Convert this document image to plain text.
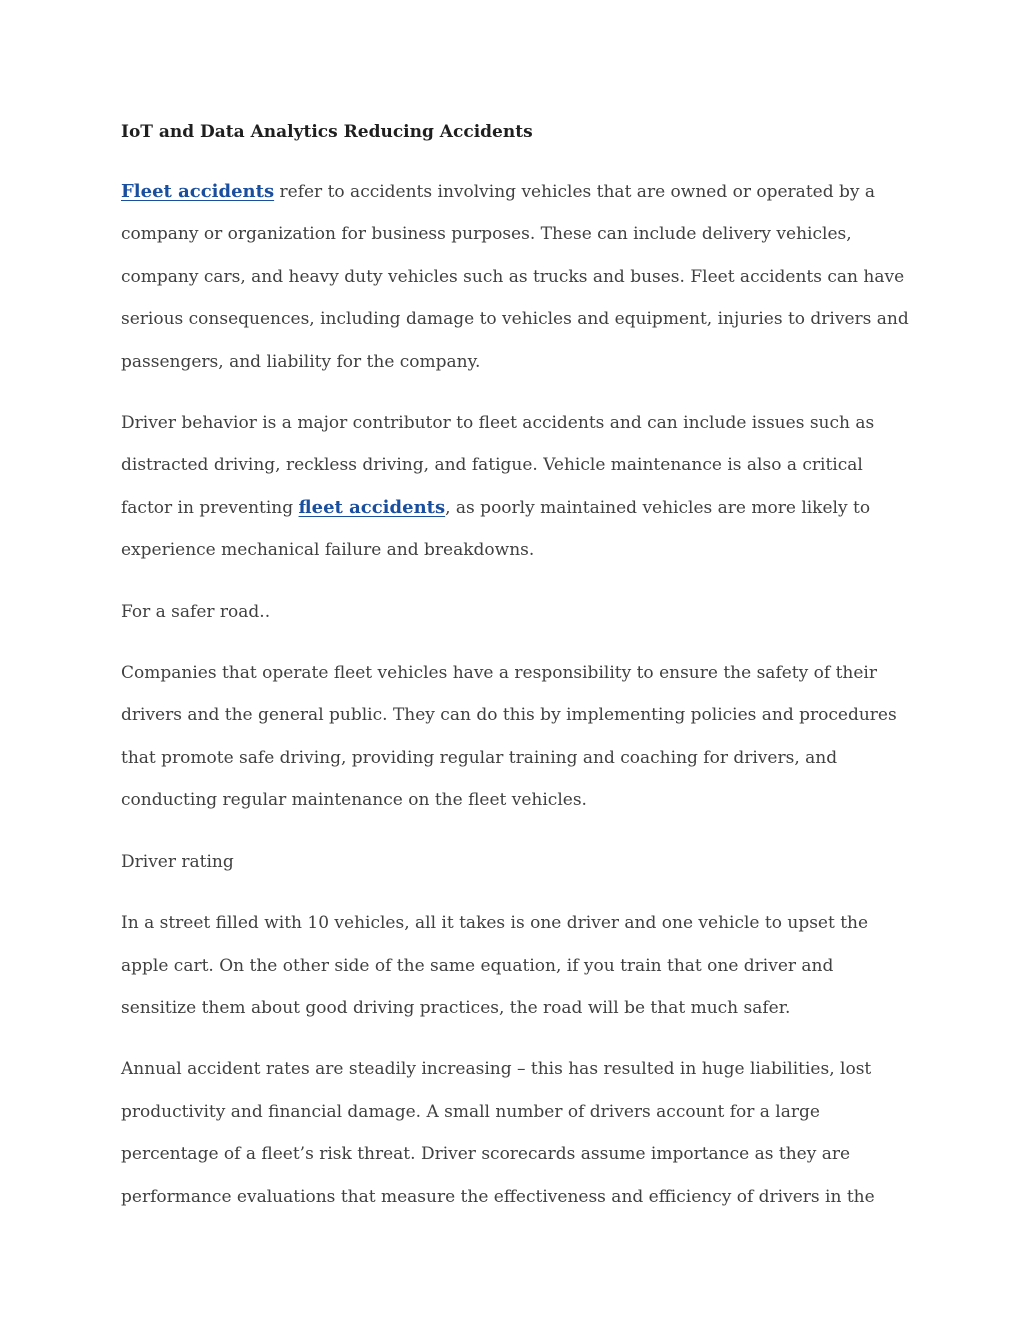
IoT and Data Analytics Reducing Accidents

Fleet accidents refer to accidents involving vehicles that are owned or operated by a company or organization for business purposes. These can include delivery vehicles, company cars, and heavy duty vehicles such as trucks and buses. Fleet accidents can have serious consequences, including damage to vehicles and equipment, injuries to drivers and passengers, and liability for the company.

Driver behavior is a major contributor to fleet accidents and can include issues such as distracted driving, reckless driving, and fatigue. Vehicle maintenance is also a critical factor in preventing fleet accidents, as poorly maintained vehicles are more likely to experience mechanical failure and breakdowns.

For a safer road..

Companies that operate fleet vehicles have a responsibility to ensure the safety of their drivers and the general public. They can do this by implementing policies and procedures that promote safe driving, providing regular training and coaching for drivers, and conducting regular maintenance on the fleet vehicles.

Driver rating

In a street filled with 10 vehicles, all it takes is one driver and one vehicle to upset the apple cart. On the other side of the same equation, if you train that one driver and sensitize them about good driving practices, the road will be that much safer.

Annual accident rates are steadily increasing – this has resulted in huge liabilities, lost productivity and financial damage. A small number of drivers account for a large percentage of a fleet’s risk threat. Driver scorecards assume importance as they are performance evaluations that measure the effectiveness and efficiency of drivers in the
